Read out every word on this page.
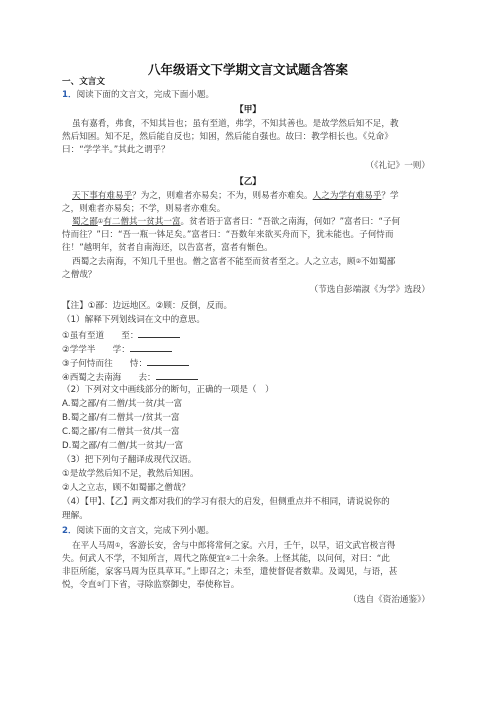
八年级语文下学期文言文试题含答案
一、文言文
1．阅读下面的文言文，完成下面小题。
【甲】
虽有嘉肴，弗食，不知其旨也；虽有至道，弗学，不知其善也。是故学然后知不足，教
然后知困。知不足，然后能自反也；知困，然后能自强也。故曰：教学相长也。《兑命》
曰：“学学半。”其此之谓乎？
（《礼记》一则）
【乙】
天下事有难易乎？为之，则难者亦易矣；不为，则易者亦难矣。人之为学有难易乎？学
之，则难者亦易矣；不学，则易者亦难矣。
蜀之鄙①有二僧其一贫其一富。贫者语于富者曰：“吾欲之南海，何如？”富者曰：“子何
恃而往？”曰：“吾一瓶一钵足矣。”富者曰：“吾数年来欲买舟而下，犹未能也。子何恃而
往！”越明年，贫者自南海还，以告富者，富者有惭色。
西蜀之去南海，不知几千里也。僧之富者不能至而贫者至之。人之立志，顾②不如蜀鄙
之僧哉？
（节选自彭端淑《为学》选段）
【注】①鄙：边远地区。②顾：反倒，反而。
（1）解释下列划线词在文中的意思。
①虽有至道　　至：
②学学半　　学：
③子何恃而往　　恃：
④西蜀之去南海　　去：
（2）下列对文中画线部分的断句，正确的一项是（　）
A.蜀之鄙/有二僧/其一贫/其一富
B.蜀之鄙/有二僧其一/贫其一富
C.蜀之鄙/有二僧其一贫/其一富
D.蜀之鄙/有二僧/其一贫其/一富
（3）把下列句子翻译成现代汉语。
①是故学然后知不足，教然后知困。
②人之立志，顾不如蜀鄙之僧哉？
（4）【甲】、【乙】两文都对我们的学习有很大的启发，但侧重点并不相同，请说说你的
理解。
2．阅读下面的文言文，完成下列小题。
在平人马周①，客游长安，舍与中郎将常何之家。六月，壬午，以早，诏文武官极言得
失。何武人不学，不知所言，周代之陈便宜②二十余条。上怪其能，以问何，对曰：“此
非臣所能，家客马周为臣具草耳。”上即召之；未至，遣使督促者数辈。及谒见，与语，甚
悦，令直③门下省，寻除监察御史，奉使称旨。
（选自《资治通鉴》）
